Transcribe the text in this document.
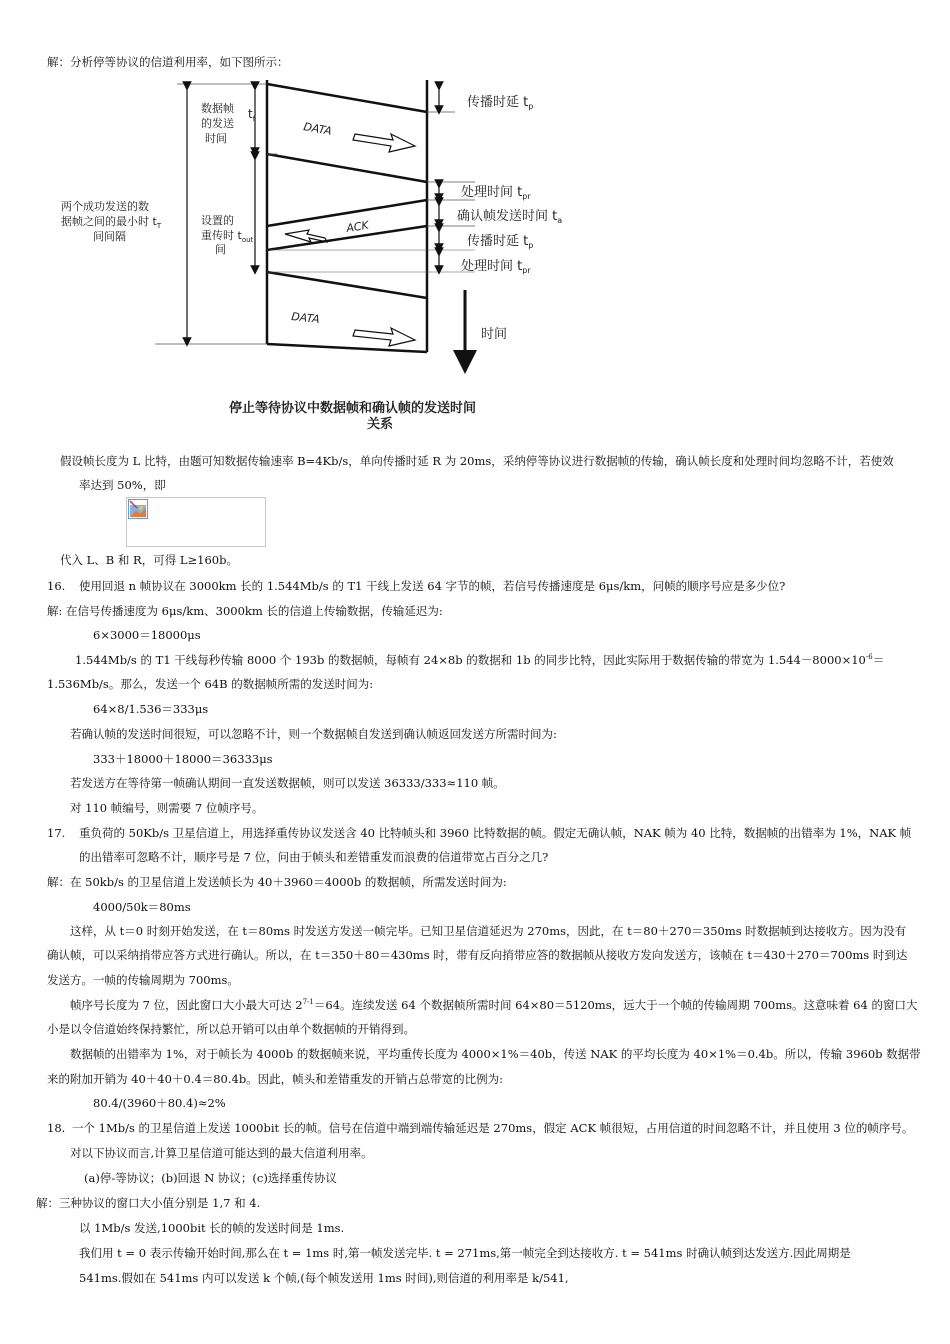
解：分析停等协议的信道利用率，如下图所示：
两个成功发送的数
据帧之间的最小时 $t_T$
间间隔
数据帧
的发送
时间
$t_f$
设置的
重传时 $t_{out}$
间
DATA
ACK
DATA
传播时延 $t_p$
处理时间 $t_{pr}$
确认帧发送时间 $t_a$
传播时延 $t_p$
处理时间 $t_{pr}$
时间
停止等待协议中数据帧和确认帧的发送时间
关系
假设帧长度为 L 比特，由题可知数据传输速率 B=4Kb/s，单向传播时延 R 为 20ms，采纳停等协议进行数据帧的传输，确认帧长度和处理时间均忽略不计，若使效
率达到 50%，即
代入 L、B 和 R，可得 L≥160b。
16. 使用回退 n 帧协议在 3000km 长的 1.544Mb/s 的 T1 干线上发送 64 字节的帧，若信号传播速度是 6μs/km，问帧的顺序号应是多少位?
解: 在信号传播速度为 6μs/km、3000km 长的信道上传输数据，传输延迟为:
6×3000＝18000μs
1.544Mb/s 的 T1 干线每秒传输 8000 个 193b 的数据帧，每帧有 24×8b 的数据和 1b 的同步比特，因此实际用于数据传输的带宽为 $1.544-8000\times 10^{-6}=$
1.536Mb/s。那么，发送一个 64B 的数据帧所需的发送时间为:
64×8/1.536＝333μs
若确认帧的发送时间很短，可以忽略不计，则一个数据帧自发送到确认帧返回发送方所需时间为:
333＋18000＋18000＝36333μs
若发送方在等待第一帧确认期间一直发送数据帧，则可以发送 36333/333≈110 帧。
对 110 帧编号，则需要 7 位帧序号。
17. 重负荷的 50Kb/s 卫星信道上，用选择重传协议发送含 40 比特帧头和 3960 比特数据的帧。假定无确认帧，NAK 帧为 40 比特，数据帧的出错率为 1%，NAK 帧
的出错率可忽略不计，顺序号是 7 位，问由于帧头和差错重发而浪费的信道带宽占百分之几?
解：在 50kb/s 的卫星信道上发送帧长为 40＋3960＝4000b 的数据帧，所需发送时间为:
4000/50k＝80ms
这样，从 t＝0 时刻开始发送，在 t＝80ms 时发送方发送一帧完毕。已知卫星信道延迟为 270ms，因此，在 t＝80＋270＝350ms 时数据帧到达接收方。因为没有
确认帧，可以采纳捎带应答方式进行确认。所以，在 t＝350＋80＝430ms 时，带有反向捎带应答的数据帧从接收方发向发送方，该帧在 t＝430＋270＝700ms 时到达
发送方。一帧的传输周期为 700ms。
帧序号长度为 7 位，因此窗口大小最大可达 $2^{7-1}=64$。连续发送 64 个数据帧所需时间 64×80＝5120ms，远大于一个帧的传输周期 700ms。这意味着 64 的窗口大
小是以令信道始终保持繁忙，所以总开销可以由单个数据帧的开销得到。
数据帧的出错率为 1%，对于帧长为 4000b 的数据帧来说，平均重传长度为 4000×1%＝40b，传送 NAK 的平均长度为 40×1%＝0.4b。所以，传输 3960b 数据带
来的附加开销为 40＋40＋0.4＝80.4b。因此，帧头和差错重发的开销占总带宽的比例为:
80.4/(3960＋80.4)≈2%
18. 一个 1Mb/s 的卫星信道上发送 1000bit 长的帧。信号在信道中端到端传输延迟是 270ms，假定 ACK 帧很短，占用信道的时间忽略不计，并且使用 3 位的帧序号。
对以下协议而言,计算卫星信道可能达到的最大信道利用率。
(a)停-等协议；(b)回退 N 协议；(c)选择重传协议
解：三种协议的窗口大小值分别是 1,7 和 4.
以 1Mb/s 发送,1000bit 长的帧的发送时间是 1ms.
我们用 t = 0 表示传输开始时间,那么在 t = 1ms 时,第一帧发送完毕. t = 271ms,第一帧完全到达接收方. t = 541ms 时确认帧到达发送方.因此周期是
541ms.假如在 541ms 内可以发送 k 个帧,(每个帧发送用 1ms 时间),则信道的利用率是 k/541,
